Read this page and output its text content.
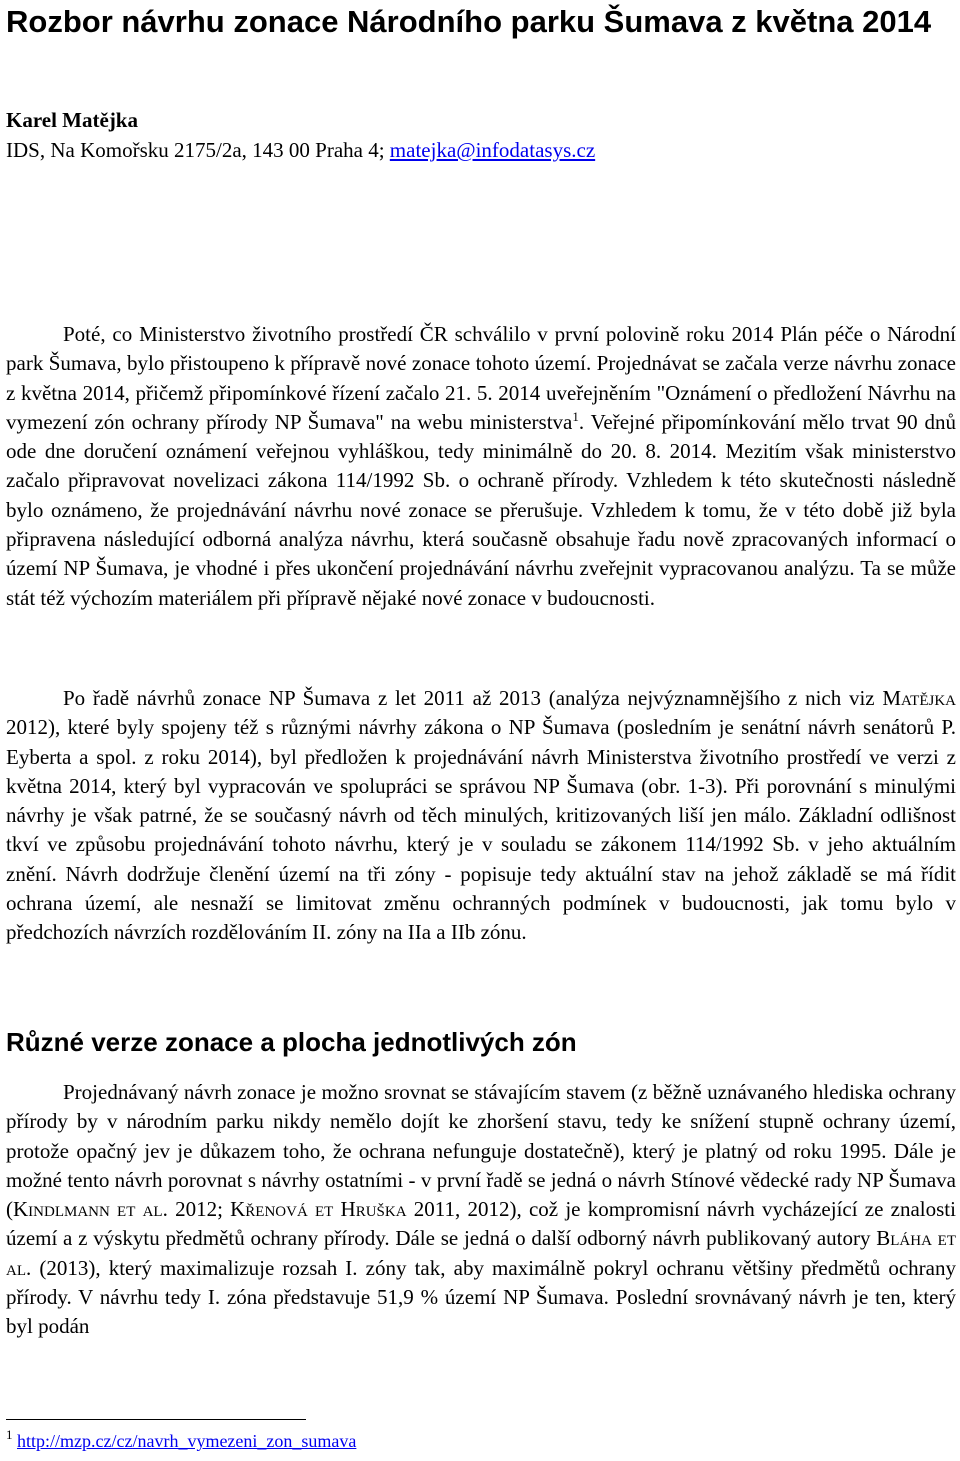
Rozbor návrhu zonace Národního parku Šumava z května 2014

Karel Matějka

IDS, Na Komořsku 2175/2a, 143 00 Praha 4; matejka@infodatasys.cz

Poté, co Ministerstvo životního prostředí ČR schválilo v první polovině roku 2014 Plán péče o Národní park Šumava, bylo přistoupeno k přípravě nové zonace tohoto území. Projednávat se začala verze návrhu zonace z května 2014, přičemž připomínkové řízení začalo 21. 5. 2014 uveřejněním "Oznámení o předložení Návrhu na vymezení zón ochrany přírody NP Šumava" na webu ministerstva$^1$. Veřejné připomínkování mělo trvat 90 dnů ode dne doručení oznámení veřejnou vyhláškou, tedy minimálně do 20. 8. 2014. Mezitím však ministerstvo začalo připravovat novelizaci zákona 114/1992 Sb. o ochraně přírody. Vzhledem k této skutečnosti následně bylo oznámeno, že projednávání návrhu nové zonace se přerušuje. Vzhledem k tomu, že v této době již byla připravena následující odborná analýza návrhu, která současně obsahuje řadu nově zpracovaných informací o území NP Šumava, je vhodné i přes ukončení projednávání návrhu zveřejnit vypracovanou analýzu. Ta se může stát též výchozím materiálem při přípravě nějaké nové zonace v budoucnosti.

Po řadě návrhů zonace NP Šumava z let 2011 až 2013 (analýza nejvýznamnějšího z nich viz Matějka 2012), které byly spojeny též s různými návrhy zákona o NP Šumava (posledním je senátní návrh senátorů P. Eyberta a spol. z roku 2014), byl předložen k projednávání návrh Ministerstva životního prostředí ve verzi z května 2014, který byl vypracován ve spolupráci se správou NP Šumava (obr. 1-3). Při porovnání s minulými návrhy je však patrné, že se současný návrh od těch minulých, kritizovaných liší jen málo. Základní odlišnost tkví ve způsobu projednávání tohoto návrhu, který je v souladu se zákonem 114/1992 Sb. v jeho aktuálním znění. Návrh dodržuje členění území na tři zóny - popisuje tedy aktuální stav na jehož základě se má řídit ochrana území, ale nesnaží se limitovat změnu ochranných podmínek v budoucnosti, jak tomu bylo v předchozích návrzích rozdělováním II. zóny na IIa a IIb zónu.

Různé verze zonace a plocha jednotlivých zón

Projednávaný návrh zonace je možno srovnat se stávajícím stavem (z běžně uznávaného hlediska ochrany přírody by v národním parku nikdy nemělo dojít ke zhoršení stavu, tedy ke snížení stupně ochrany území, protože opačný jev je důkazem toho, že ochrana nefunguje dostatečně), který je platný od roku 1995. Dále je možné tento návrh porovnat s návrhy ostatními - v první řadě se jedná o návrh Stínové vědecké rady NP Šumava (Kindlmann et al. 2012; Křenová et Hruška 2011, 2012), což je kompromisní návrh vycházející ze znalosti území a z výskytu předmětů ochrany přírody. Dále se jedná o další odborný návrh publikovaný autory Bláha et al. (2013), který maximalizuje rozsah I. zóny tak, aby maximálně pokryl ochranu většiny předmětů ochrany přírody. V návrhu tedy I. zóna představuje 51,9 % území NP Šumava. Poslední srovnávaný návrh je ten, který byl podán

$^1$ http://mzp.cz/cz/navrh_vymezeni_zon_sumava
